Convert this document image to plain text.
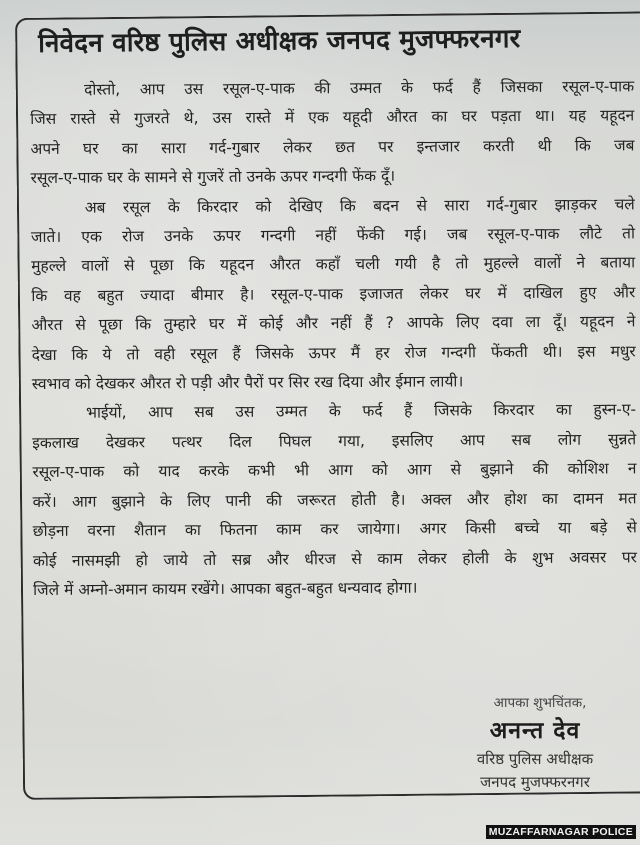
निवेदन वरिष्ठ पुलिस अधीक्षक जनपद मुजफ्फरनगर

दोस्तो, आप उस रसूल-ए-पाक की उम्मत के फर्द हैं जिसका रसूल-ए-पाक
जिस रास्ते से गुजरते थे, उस रास्ते में एक यहूदी औरत का घर पड़ता था। यह यहूदन
अपने घर का सारा गर्द-गुबार लेकर छत पर इन्तजार करती थी कि जब
रसूल-ए-पाक घर के सामने से गुजरें तो उनके ऊपर गन्दगी फेंक दूँ।

अब रसूल के किरदार को देखिए कि बदन से सारा गर्द-गुबार झाड़कर चले
जाते। एक रोज उनके ऊपर गन्दगी नहीं फेंकी गई। जब रसूल-ए-पाक लौटे तो
मुहल्ले वालों से पूछा कि यहूदन औरत कहाँ चली गयी है तो मुहल्ले वालों ने बताया
कि वह बहुत ज्यादा बीमार है। रसूल-ए-पाक इजाजत लेकर घर में दाखिल हुए और
औरत से पूछा कि तुम्हारे घर में कोई और नहीं हैं ? आपके लिए दवा ला दूँ। यहूदन ने
देखा कि ये तो वही रसूल हैं जिसके ऊपर मैं हर रोज गन्दगी फेंकती थी। इस मधुर
स्वभाव को देखकर औरत रो पड़ी और पैरों पर सिर रख दिया और ईमान लायी।

भाईयों, आप सब उस उम्मत के फर्द हैं जिसके किरदार का हुस्न-ए-
इकलाख देखकर पत्थर दिल पिघल गया, इसलिए आप सब लोग सुन्नते
रसूल-ए-पाक को याद करके कभी भी आग को आग से बुझाने की कोशिश न
करें। आग बुझाने के लिए पानी की जरूरत होती है। अक्ल और होश का दामन मत
छोड़ना वरना शैतान का फितना काम कर जायेगा। अगर किसी बच्चे या बड़े से
कोई नासमझी हो जाये तो सब्र और धीरज से काम लेकर होली के शुभ अवसर पर
जिले में अम्नो-अमान कायम रखेंगे। आपका बहुत-बहुत धन्यवाद होगा।

आपका शुभचिंतक,
अनन्त देव
वरिष्ठ पुलिस अधीक्षक
जनपद मुजफ्फरनगर
MUZAFFARNAGAR POLICE
